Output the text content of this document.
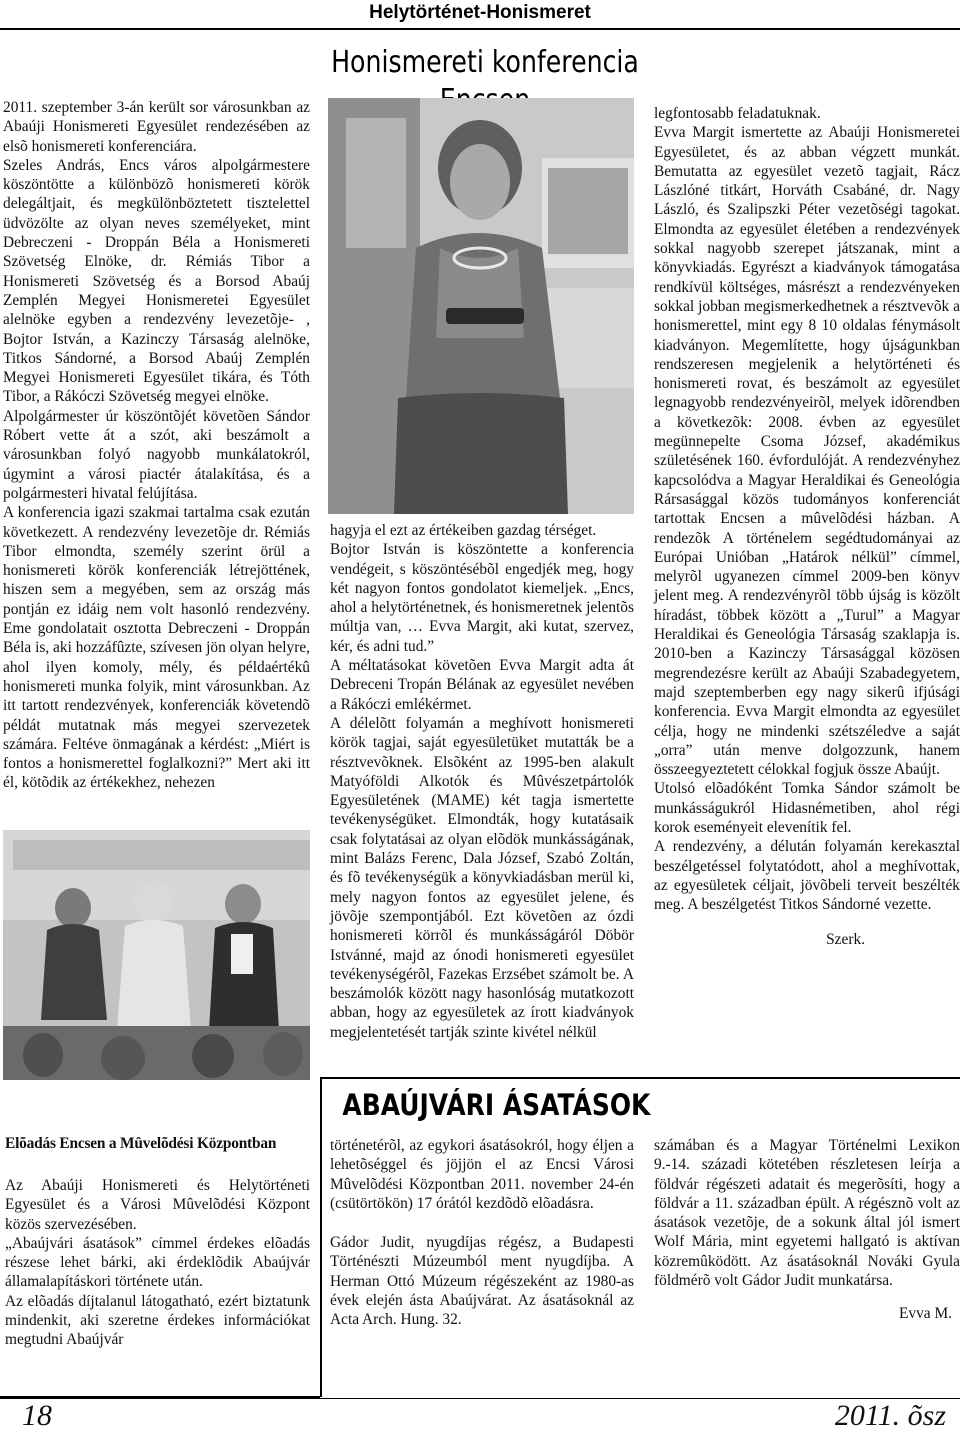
Helytörténet-Honismeret
Honismereti konferencia

2011. szeptember 3-án került sor városunkban az Abaúji Honismereti Egyesület rendezésében az elsõ honismereti konferenciára.

Szeles András, Encs város alpolgármestere köszöntötte a különbözõ honismereti körök delegáltjait, és megkülönböztetett tisztelettel üdvözölte az olyan neves személyeket, mint Debreczeni - Droppán Béla a Honismereti Szövetség Elnöke, dr. Rémiás Tibor a Honismereti Szövetség és a Borsod Abaúj Zemplén Megyei Honismeretei Egyesület alelnöke egyben a rendezvény levezetõje- , Bojtor István, a Kazinczy Társaság alelnöke, Titkos Sándorné, a Borsod Abaúj Zemplén Megyei Honismereti Egyesület tikára, és Tóth Tibor, a Rákóczi Szövetség megyei elnöke.

Alpolgármester úr köszöntõjét követõen Sándor Róbert vette át a szót, aki beszámolt a városunkban folyó nagyobb munkálatokról, úgymint a városi piactér átalakítása, és a polgármesteri hivatal felújítása.

A konferencia igazi szakmai tartalma csak ezután következett. A rendezvény levezetõje dr. Rémiás Tibor elmondta, személy szerint örül a honismereti körök konferenciák létrejöttének, hiszen sem a megyében, sem az ország más pontján ez idáig nem volt hasonló rendezvény. Eme gondolatait osztotta Debreczeni - Droppán Béla is, aki hozzáfûzte, szívesen jön olyan helyre, ahol ilyen komoly, mély, és példaértékû honismereti munka folyik, mint városunkban. Az itt tartott rendezvények, konferenciák követendõ példát mutatnak más megyei szervezetek számára. Feltéve önmagának a kérdést: „Miért is fontos a honismerettel foglalkozni?” Mert aki itt él, kötõdik az értékekhez, nehezen

hagyja el ezt az értékeiben gazdag térséget.

Bojtor István is köszöntette a konferencia vendégeit, s köszöntésébõl engedjék meg, hogy két nagyon fontos gondolatot kiemeljek. „Encs, ahol a helytörténetnek, és honismeretnek jelentõs múltja van, … Evva Margit, aki kutat, szervez, kér, és adni tud.”

A méltatásokat követõen Evva Margit adta át Debreceni Tropán Bélának az egyesület nevében a Rákóczi emlékérmet.

A délelõtt folyamán a meghívott honismereti körök tagjai, saját egyesületüket mutatták be a résztvevõknek. Elsõként az 1995-ben alakult Matyóföldi Alkotók és Mûvészetpártolók Egyesületének (MAME) két tagja ismertette tevékenységüket. Elmondták, hogy kutatásaik csak folytatásai az olyan elõdök munkásságának, mint Balázs Ferenc, Dala József, Szabó Zoltán, és fõ tevékenységük a könyvkiadásban merül ki, mely nagyon fontos az egyesület jelene, és jövõje szempontjából. Ezt követõen az ózdi honismereti körrõl és munkásságáról Döbör Istvánné, majd az ónodi honismereti egyesület tevékenységérõl, Fazekas Erzsébet számolt be. A beszámolók között nagy hasonlóság mutatkozott abban, hogy az egyesületek az írott kiadványok megjelentetését tartják szinte kivétel nélkül

legfontosabb feladatuknak.

Evva Margit ismertette az Abaúji Honismeretei Egyesületet, és az abban végzett munkát. Bemutatta az egyesület vezetõ tagjait, Rácz Lászlóné titkárt, Horváth Csabáné, dr. Nagy László, és Szalipszki Péter vezetõségi tagokat. Elmondta az egyesület életében a rendezvények sokkal nagyobb szerepet játszanak, mint a könyvkiadás. Egyrészt a kiadványok támogatása rendkívül költséges, másrészt a rendezvényeken sokkal jobban megismerkedhetnek a résztvevõk a honismerettel, mint egy 8 10 oldalas fénymásolt kiadványon. Megemlítette, hogy újságunkban rendszeresen megjelenik a helytörténeti és honismereti rovat, és beszámolt az egyesület legnagyobb rendezvényeirõl, melyek idõrendben a következõk: 2008. évben az egyesület megünnepelte Csoma József, akadémikus születésének 160. évfordulóját. A rendezvényhez kapcsolódva a Magyar Heraldikai és Geneológia Rársasággal közös tudományos konferenciát tartottak Encsen a mûvelõdési házban. A rendezõk A történelem segédtudományai az Európai Unióban „Határok nélkül” címmel, melyrõl ugyanezen címmel 2009-ben könyv jelent meg. A rendezvényrõl több újság is közölt híradást, többek között a „Turul” a Magyar Heraldikai és Geneológia Társaság szaklapja is. 2010-ben a Kazinczy Társasággal közösen megrendezésre került az Abaúji Szabadegyetem, majd szeptemberben egy nagy sikerû ifjúsági konferencia. Evva Margit elmondta az egyesület célja, hogy ne mindenki szétszéledve a saját „orra” után menve dolgozzunk, hanem összeegyeztetett célokkal fogjuk össze Abaújt.

Utolsó elõadóként Tomka Sándor számolt be munkásságukról Hidasnémetiben, ahol régi korok eseményeit elevenítik fel.

A rendezvény, a délután folyamán kerekasztal beszélgetéssel folytatódott, ahol a meghívottak, az egyesületek céljait, jövõbeli terveit beszélték meg. A beszélgetést Titkos Sándorné vezette.

Szerk.

ABAÚJVÁRI ÁSATÁSOK
Elõadás Encsen a Mûvelõdési Központban

Az Abaúji Honismereti és Helytörténeti Egyesület és a Városi Mûvelõdési Központ közös szervezésében.

„Abaújvári ásatások” címmel érdekes elõadás részese lehet bárki, aki érdeklõdik Abaújvár államalapításkori története után.

Az elõadás díjtalanul látogatható, ezért biztatunk mindenkit, aki szeretne érdekes információkat megtudni Abaújvár

történetérõl, az egykori ásatásokról, hogy éljen a lehetõséggel és jöjjön el az Encsi Városi Mûvelõdési Központban 2011. november 24-én (csütörtökön) 17 órától kezdõdõ elõadásra.

Gádor Judit, nyugdíjas régész, a Budapesti Történészti Múzeumból ment nyugdíjba. A Herman Ottó Múzeum régészeként az 1980-as évek elején ásta Abaújvárat. Az ásatásoknál az Acta Arch. Hung. 32.

számában és a Magyar Történelmi Lexikon 9.-14. századi kötetében részletesen leírja a földvár régészeti adatait és megerõsíti, hogy a földvár a 11. században épült. A régésznõ volt az ásatások vezetõje, de a sokunk által jól ismert Wolf Mária, mint egyetemi hallgató is aktívan közremûködött. Az ásatásoknál Nováki Gyula földmérõ volt Gádor Judit munkatársa.

Evva M.

18	2011. õsz
